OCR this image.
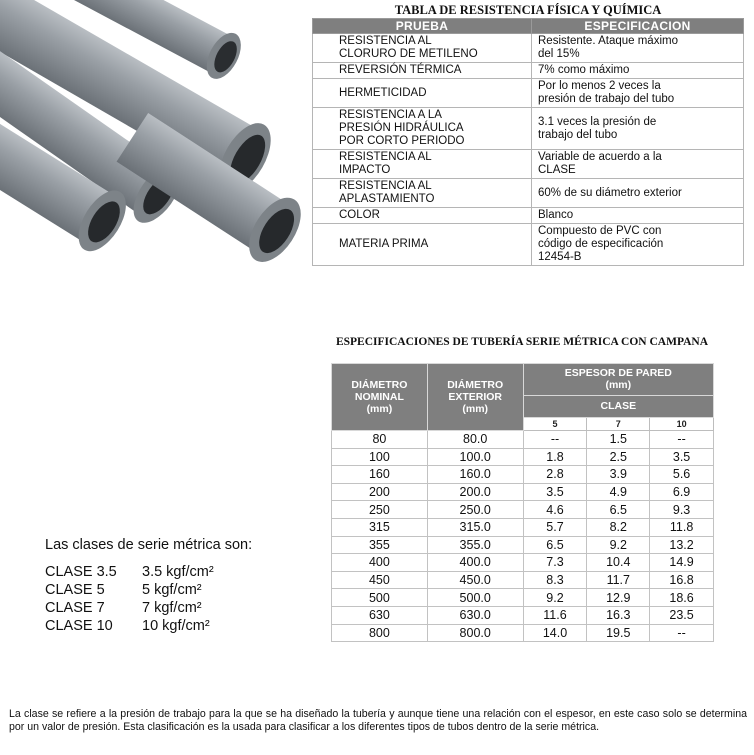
TABLA DE RESISTENCIA FÍSICA Y QUÍMICA
PRUEBA	ESPECIFICACION
RESISTENCIA AL
CLORURO DE METILENO	Resistente. Ataque máximo
del 15%
REVERSIÓN TÉRMICA	7% como máximo
HERMETICIDAD	Por lo menos 2 veces la
presión de trabajo del tubo
RESISTENCIA A LA
PRESIÓN HIDRÁULICA
POR CORTO PERIODO	3.1 veces la presión de
trabajo del tubo
RESISTENCIA AL
IMPACTO	Variable de acuerdo a la
CLASE
RESISTENCIA AL
APLASTAMIENTO	60% de su diámetro exterior
COLOR	Blanco
MATERIA PRIMA	Compuesto de PVC con
código de especificación
12454-B
ESPECIFICACIONES DE TUBERÍA SERIE MÉTRICA CON CAMPANA
DIÁMETRO
NOMINAL
(mm)	DIÁMETRO
EXTERIOR
(mm)	ESPESOR DE PARED
(mm)		
		CLASE		
		5	7	10
80	80.0	--	1.5	--
100	100.0	1.8	2.5	3.5
160	160.0	2.8	3.9	5.6
200	200.0	3.5	4.9	6.9
250	250.0	4.6	6.5	9.3
315	315.0	5.7	8.2	11.8
355	355.0	6.5	9.2	13.2
400	400.0	7.3	10.4	14.9
450	450.0	8.3	11.7	16.8
500	500.0	9.2	12.9	18.6
630	630.0	11.6	16.3	23.5
800	800.0	14.0	19.5	--
Las clases de serie métrica son:
CLASE 3.5	3.5 kgf/cm²
CLASE 5	5 kgf/cm²
CLASE 7	7 kgf/cm²
CLASE 10	10 kgf/cm²
La clase se refiere a la presión de trabajo para la que se ha diseñado la tubería y aunque tiene una relación con el espesor, en este caso solo se determina por un valor de presión. Esta clasificación es la usada para clasificar a los diferentes tipos de tubos dentro de la serie métrica.
